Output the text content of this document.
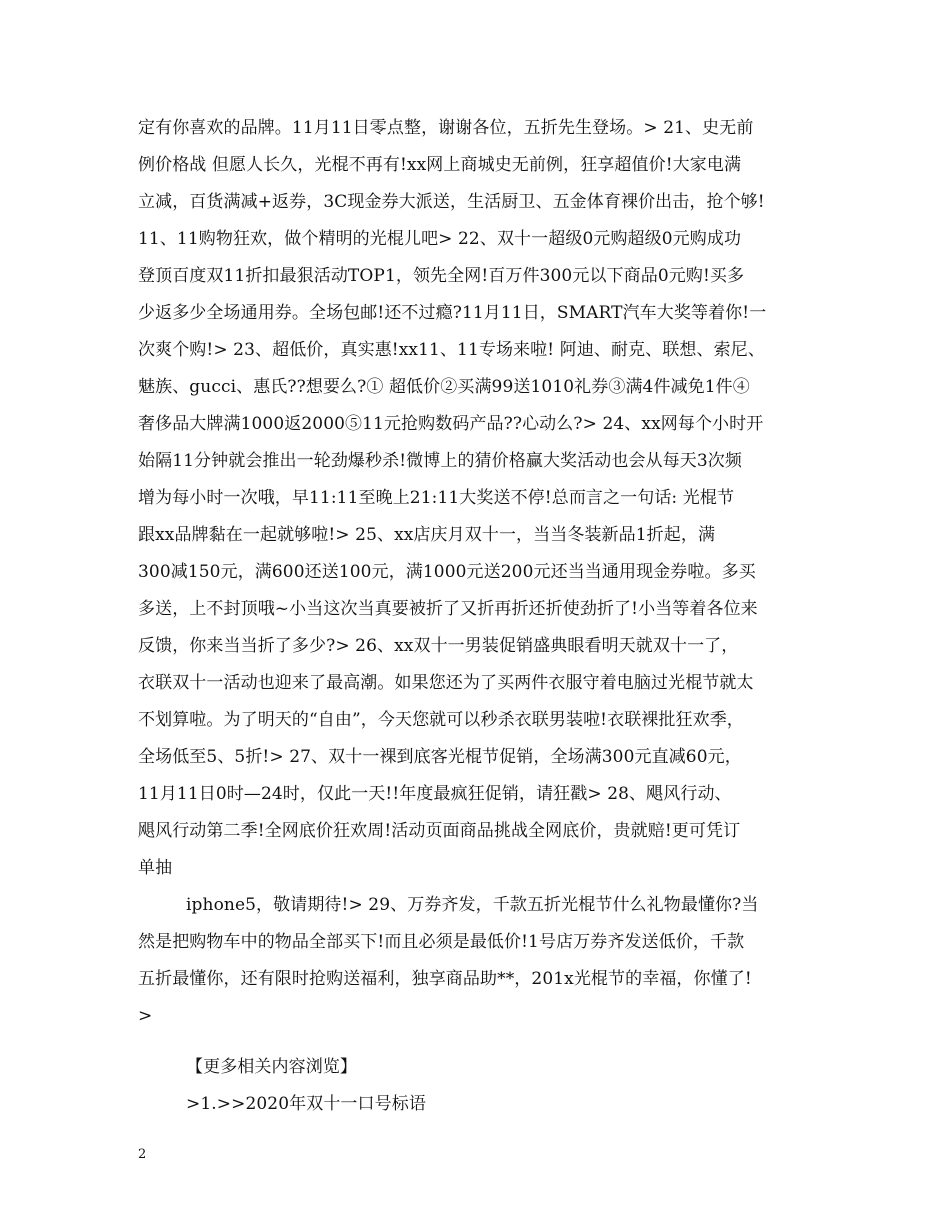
定有你喜欢的品牌。11月11日零点整，谢谢各位，五折先生登场。> 21、史无前
例价格战 但愿人长久，光棍不再有!xx网上商城史无前例，狂享超值价!大家电满
立减，百货满减+返券，3C现金券大派送，生活厨卫、五金体育裸价出击，抢个够!
11、11购物狂欢，做个精明的光棍儿吧> 22、双十一超级0元购超级0元购成功
登顶百度双11折扣最狠活动TOP1，领先全网!百万件300元以下商品0元购!买多
少返多少全场通用券。全场包邮!还不过瘾?11月11日，SMART汽车大奖等着你!一
次爽个购!> 23、超低价，真实惠!xx11、11专场来啦! 阿迪、耐克、联想、索尼、
魅族、gucci、惠氏??想要么?① 超低价②买满99送1010礼券③满4件减免1件④
奢侈品大牌满1000返2000⑤11元抢购数码产品??心动么?> 24、xx网每个小时开
始隔11分钟就会推出一轮劲爆秒杀!微博上的猜价格赢大奖活动也会从每天3次频
增为每小时一次哦，早11:11至晚上21:11大奖送不停!总而言之一句话: 光棍节
跟xx品牌黏在一起就够啦!> 25、xx店庆月双十一，当当冬装新品1折起，满
300减150元，满600还送100元，满1000元送200元还当当通用现金券啦。多买
多送，上不封顶哦~小当这次当真要被折了又折再折还折使劲折了!小当等着各位来
反馈，你来当当折了多少?> 26、xx双十一男装促销盛典眼看明天就双十一了，
衣联双十一活动也迎来了最高潮。如果您还为了买两件衣服守着电脑过光棍节就太
不划算啦。为了明天的“自由”，今天您就可以秒杀衣联男装啦!衣联裸批狂欢季，
全场低至5、5折!> 27、双十一裸到底客光棍节促销，全场满300元直减60元，
11月11日0时—24时，仅此一天!!年度最疯狂促销，请狂戳> 28、飓风行动、
飓风行动第二季!全网底价狂欢周!活动页面商品挑战全网底价，贵就赔!更可凭订
单抽
iphone5，敬请期待!> 29、万券齐发，千款五折光棍节什么礼物最懂你?当
然是把购物车中的物品全部买下!而且必须是最低价!1号店万券齐发送低价，千款
五折最懂你，还有限时抢购送福利，独享商品助**，201x光棍节的幸福，你懂了!
>
【更多相关内容浏览】
>1.>>2020年双十一口号标语
2
